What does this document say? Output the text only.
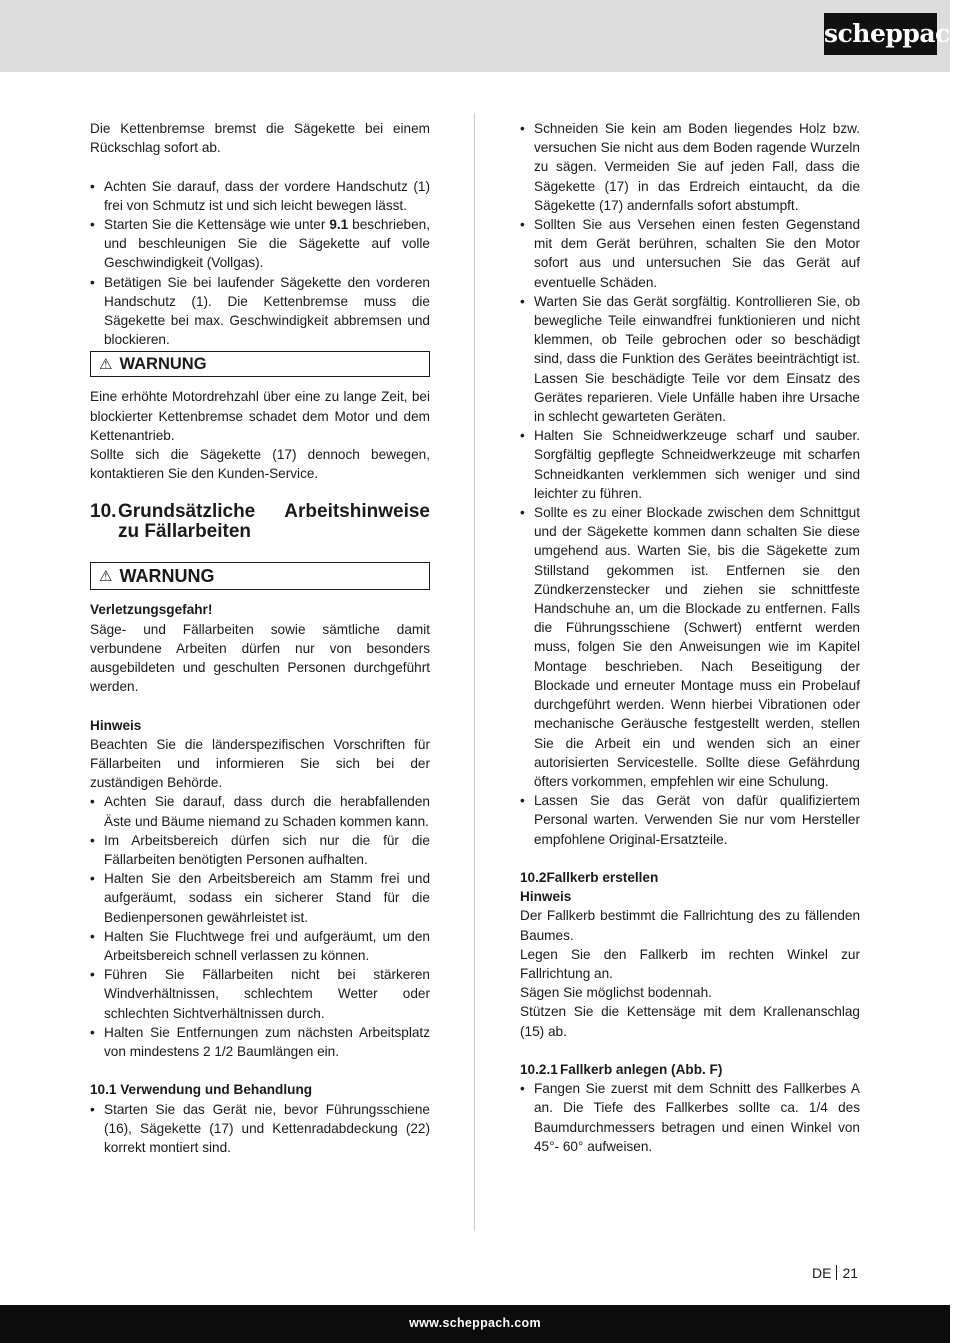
scheppach

Die Kettenbremse bremst die Sägekette bei einem Rückschlag sofort ab.

• Achten Sie darauf, dass der vordere Handschutz (1) frei von Schmutz ist und sich leicht bewegen lässt.
• Starten Sie die Kettensäge wie unter 9.1 beschrieben, und beschleunigen Sie die Sägekette auf volle Geschwindigkeit (Vollgas).
• Betätigen Sie bei laufender Sägekette den vorderen Handschutz (1). Die Kettenbremse muss die Sägekette bei max. Geschwindigkeit abbremsen und blockieren.
⚠ WARNUNG

Eine erhöhte Motordrehzahl über eine zu lange Zeit, bei blockierter Kettenbremse schadet dem Motor und dem Kettenantrieb.

Sollte sich die Sägekette (17) dennoch bewegen, kontaktieren Sie den Kunden-Service.

10. Grundsätzliche	Arbeitshinweise
zu Fällarbeiten
⚠ WARNUNG

Verletzungsgefahr!

Säge- und Fällarbeiten sowie sämtliche damit verbundene Arbeiten dürfen nur von besonders ausgebildeten und geschulten Personen durchgeführt werden.

Hinweis

Beachten Sie die länderspezifischen Vorschriften für Fällarbeiten und informieren Sie sich bei der zuständigen Behörde.

• Achten Sie darauf, dass durch die herabfallenden Äste und Bäume niemand zu Schaden kommen kann.
• Im Arbeitsbereich dürfen sich nur die für die Fällarbeiten benötigten Personen aufhalten.
• Halten Sie den Arbeitsbereich am Stamm frei und aufgeräumt, sodass ein sicherer Stand für die Bedienpersonen gewährleistet ist.
• Halten Sie Fluchtwege frei und aufgeräumt, um den Arbeitsbereich schnell verlassen zu können.
• Führen Sie Fällarbeiten nicht bei stärkeren Windverhältnissen, schlechtem Wetter oder schlechten Sichtverhältnissen durch.
• Halten Sie Entfernungen zum nächsten Arbeitsplatz von mindestens 2 1/2 Baumlängen ein.

10.1 Verwendung und Behandlung

• Starten Sie das Gerät nie, bevor Führungsschiene (16), Sägekette (17) und Kettenradabdeckung (22) korrekt montiert sind.
• Schneiden Sie kein am Boden liegendes Holz bzw. versuchen Sie nicht aus dem Boden ragende Wurzeln zu sägen. Vermeiden Sie auf jeden Fall, dass die Sägekette (17) in das Erdreich eintaucht, da die Sägekette (17) andernfalls sofort abstumpft.
• Sollten Sie aus Versehen einen festen Gegenstand mit dem Gerät berühren, schalten Sie den Motor sofort aus und untersuchen Sie das Gerät auf eventuelle Schäden.
• Warten Sie das Gerät sorgfältig. Kontrollieren Sie, ob bewegliche Teile einwandfrei funktionieren und nicht klemmen, ob Teile gebrochen oder so beschädigt sind, dass die Funktion des Gerätes beeinträchtigt ist. Lassen Sie beschädigte Teile vor dem Einsatz des Gerätes reparieren. Viele Unfälle haben ihre Ursache in schlecht gewarteten Geräten.
• Halten Sie Schneidwerkzeuge scharf und sauber. Sorgfältig gepflegte Schneidwerkzeuge mit scharfen Schneidkanten verklemmen sich weniger und sind leichter zu führen.
• Sollte es zu einer Blockade zwischen dem Schnittgut und der Sägekette kommen dann schalten Sie diese umgehend aus. Warten Sie, bis die Sägekette zum Stillstand gekommen ist. Entfernen sie den Zündkerzenstecker und ziehen sie schnittfeste Handschuhe an, um die Blockade zu entfernen. Falls die Führungsschiene (Schwert) entfernt werden muss, folgen Sie den Anweisungen wie im Kapitel Montage beschrieben. Nach Beseitigung der Blockade und erneuter Montage muss ein Probelauf durchgeführt werden. Wenn hierbei Vibrationen oder mechanische Geräusche festgestellt werden, stellen Sie die Arbeit ein und wenden sich an einer autorisierten Servicestelle. Sollte diese Gefährdung öfters vorkommen, empfehlen wir eine Schulung.
• Lassen Sie das Gerät von dafür qualifiziertem Personal warten. Verwenden Sie nur vom Hersteller empfohlene Original-Ersatzteile.
10.2 Fallkerb erstellen

Hinweis

Der Fallkerb bestimmt die Fallrichtung des zu fällenden Baumes.

Legen Sie den Fallkerb im rechten Winkel zur Fallrichtung an.

Sägen Sie möglichst bodennah.

Stützen Sie die Kettensäge mit dem Krallenanschlag (15) ab.

10.2.1 Fallkerb anlegen (Abb. F)
• Fangen Sie zuerst mit dem Schnitt des Fallkerbes A an. Die Tiefe des Fallkerbes sollte ca. 1/4 des Baumdurchmessers betragen und einen Winkel von 45°- 60° aufweisen.
DE 21
www.scheppach.com
